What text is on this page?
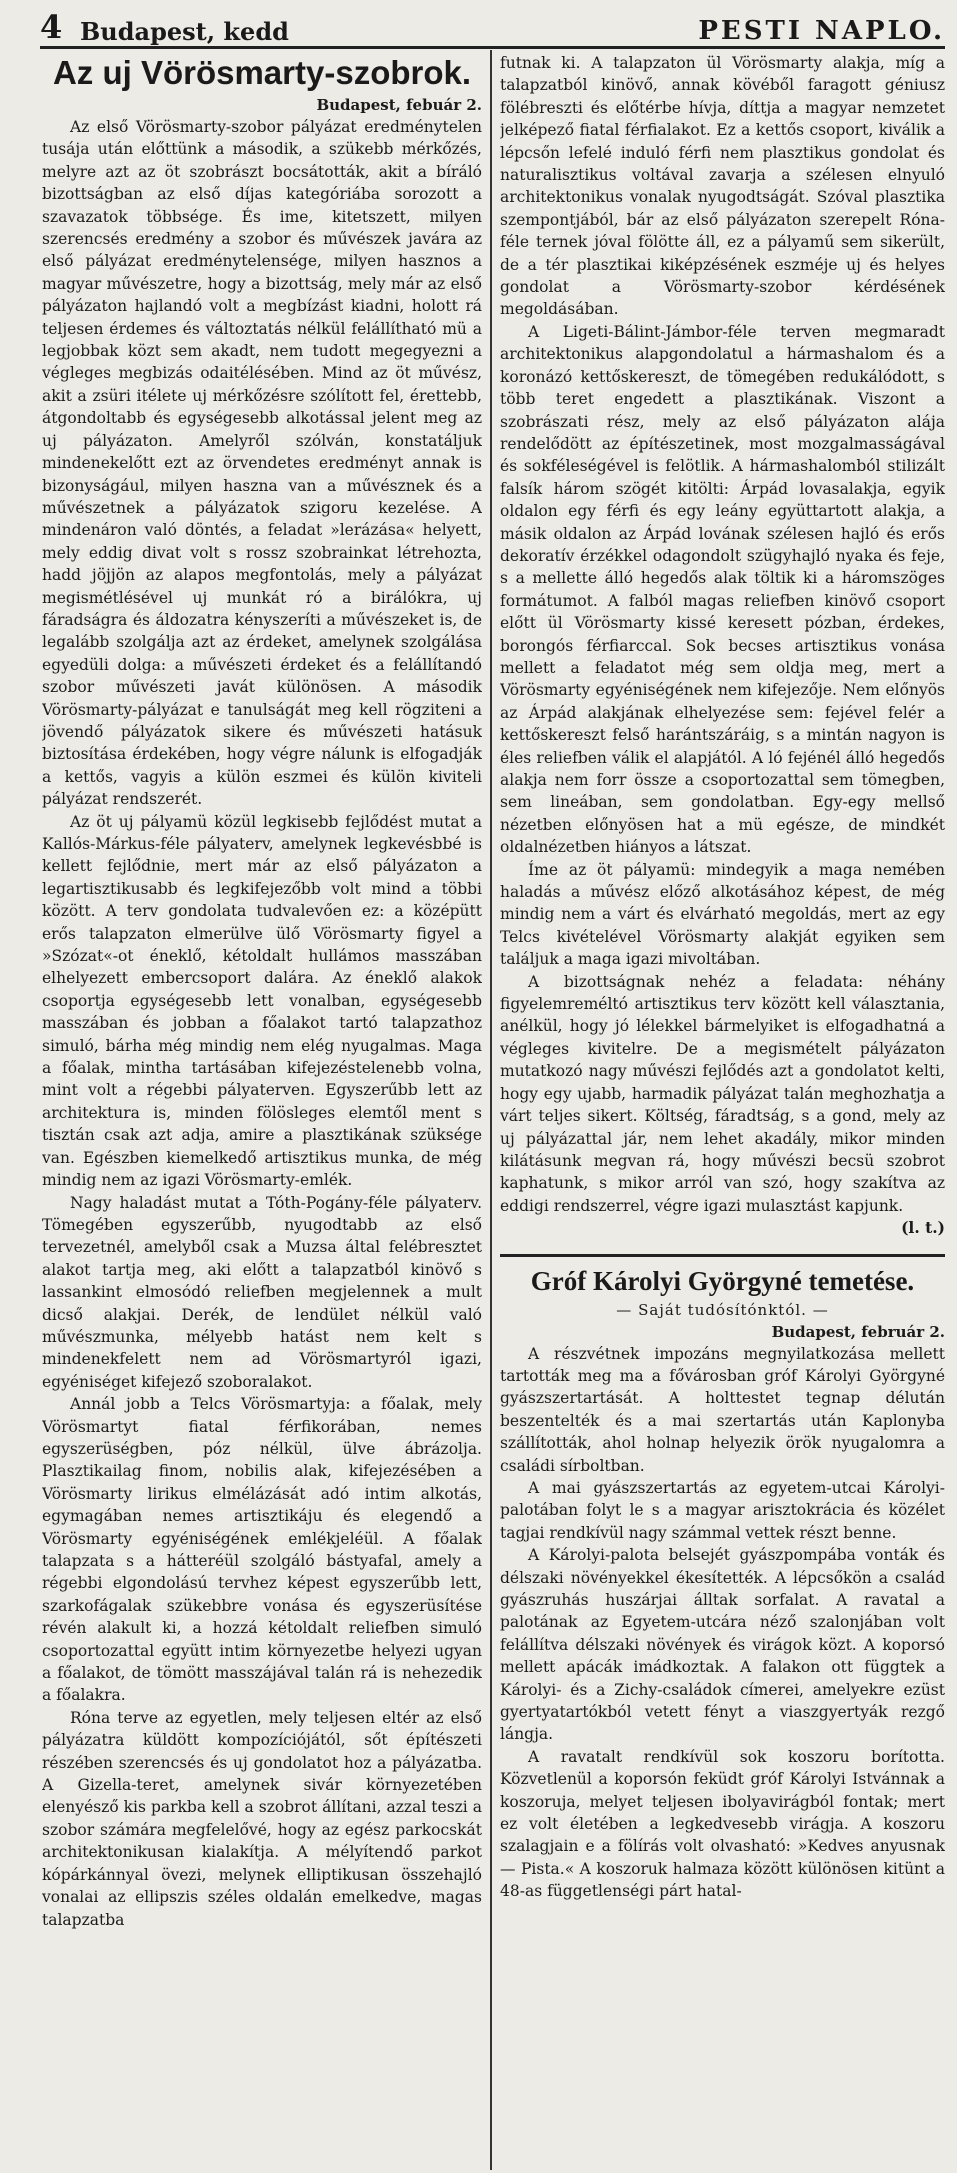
4 Budapest, kedd	PESTI NAPLO.
Az uj Vörösmarty-szobrok.
Budapest, febuár 2.

Az első Vörösmarty-szobor pályázat eredménytelen tusája után előttünk a második, a szükebb mérkőzés, melyre azt az öt szobrászt bocsátották, akit a bíráló bizottságban az első díjas kategóriába sorozott a szavazatok többsége. És ime, kitetszett, milyen szerencsés eredmény a szobor és művészek javára az első pályázat eredménytelensége, milyen hasznos a magyar művészetre, hogy a bizottság, mely már az első pályázaton hajlandó volt a megbízást kiadni, holott rá teljesen érdemes és változtatás nélkül felállítható mü a legjobbak közt sem akadt, nem tudott megegyezni a végleges megbizás odaitélésében. Mind az öt művész, akit a zsüri itélete uj mérkőzésre szólított fel, érettebb, átgondoltabb és egységesebb alkotással jelent meg az uj pályázaton. Amelyről szólván, konstatáljuk mindenekelőtt ezt az örvendetes eredményt annak is bizonyságául, milyen haszna van a művésznek és a művészetnek a pályázatok szigoru kezelése. A mindenáron való döntés, a feladat »lerázása« helyett, mely eddig divat volt s rossz szobrainkat létrehozta, hadd jöjjön az alapos megfontolás, mely a pályázat megismétlésével uj munkát ró a birálókra, uj fáradságra és áldozatra kényszeríti a művészeket is, de legalább szolgálja azt az érdeket, amelynek szolgálása egyedüli dolga: a művészeti érdeket és a felállítandó szobor művészeti javát különösen. A második Vörösmarty-pályázat e tanulságát meg kell rögziteni a jövendő pályázatok sikere és művészeti hatásuk biztosítása érdekében, hogy végre nálunk is elfogadják a kettős, vagyis a külön eszmei és külön kiviteli pályázat rendszerét.

Az öt uj pályamü közül legkisebb fejlődést mutat a Kallós-Márkus-féle pályaterv, amelynek legkevésbbé is kellett fejlődnie, mert már az első pályázaton a legartisztikusabb és legkifejezőbb volt mind a többi között. A terv gondolata tudvalevően ez: a középütt erős talapzaton elmerülve ülő Vörösmarty figyel a »Szózat«-ot éneklő, kétoldalt hullámos masszában elhelyezett embercsoport dalára. Az éneklő alakok csoportja egységesebb lett vonalban, egységesebb masszában és jobban a főalakot tartó talapzathoz simuló, bárha még mindig nem elég nyugalmas. Maga a főalak, mintha tartásában kifejezéstelenebb volna, mint volt a régebbi pályaterven. Egyszerűbb lett az architektura is, minden fölösleges elemtől ment s tisztán csak azt adja, amire a plasztikának szüksége van. Egészben kiemelkedő artisztikus munka, de még mindig nem az igazi Vörösmarty-emlék.

Nagy haladást mutat a Tóth-Pogány-féle pályaterv. Tömegében egyszerűbb, nyugodtabb az első tervezetnél, amelyből csak a Muzsa által felébresztet alakot tartja meg, aki előtt a talapzatból kinövő s lassankint elmosódó reliefben megjelennek a mult dicső alakjai. Derék, de lendület nélkül való művészmunka, mélyebb hatást nem kelt s mindenekfelett nem ad Vörösmartyról igazi, egyéniséget kifejező szoboralakot.

Annál jobb a Telcs Vörösmartyja: a főalak, mely Vörösmartyt fiatal férfikorában, nemes egyszerüségben, póz nélkül, ülve ábrázolja. Plasztikailag finom, nobilis alak, kifejezésében a Vörösmarty lirikus elmélázását adó intim alkotás, egymagában nemes artisztikáju és elegendő a Vörösmarty egyéniségének emlékjeléül. A főalak talapzata s a hátteréül szolgáló bástyafal, amely a régebbi elgondolású tervhez képest egyszerűbb lett, szarkofágalak szükebbre vonása és egyszerüsítése révén alakult ki, a hozzá kétoldalt reliefben simuló csoportozattal együtt intim környezetbe helyezi ugyan a főalakot, de tömött masszájával talán rá is nehezedik a főalakra.

Róna terve az egyetlen, mely teljesen eltér az első pályázatra küldött kompozíciójától, sőt építészeti részében szerencsés és uj gondolatot hoz a pályázatba. A Gizella-teret, amelynek sivár környezetében elenyésző kis parkba kell a szobrot állítani, azzal teszi a szobor számára megfelelővé, hogy az egész parkocskát architektonikusan kialakítja. A mélyítendő parkot kópárkánnyal övezi, melynek elliptikusan összehajló vonalai az ellipszis széles oldalán emelkedve, magas talapzatba

futnak ki. A talapzaton ül Vörösmarty alakja, míg a talapzatból kinövő, annak kövéből faragott géniusz fölébreszti és előtérbe hívja, díttja a magyar nemzetet jelképező fiatal férfialakot. Ez a kettős csoport, kiválik a lépcsőn lefelé induló férfi nem plasztikus gondolat és naturalisztikus voltával zavarja a szélesen elnyuló architektonikus vonalak nyugodtságát. Szóval plasztika szempontjából, bár az első pályázaton szerepelt Róna-féle ternek jóval fölötte áll, ez a pályamű sem sikerült, de a tér plasztikai kiképzésének eszméje uj és helyes gondolat a Vörösmarty-szobor kérdésének megoldásában.

A Ligeti-Bálint-Jámbor-féle terven megmaradt architektonikus alapgondolatul a hármashalom és a koronázó kettőskereszt, de tömegében redukálódott, s több teret engedett a plasztikának. Viszont a szobrászati rész, mely az első pályázaton alája rendelődött az építészetinek, most mozgalmasságával és sokféleségével is felötlik. A hármashalomból stilizált falsík három szögét kitölti: Árpád lovasalakja, egyik oldalon egy férfi és egy leány együttartott alakja, a másik oldalon az Árpád lovának szélesen hajló és erős dekoratív érzékkel odagondolt szügyhajló nyaka és feje, s a mellette álló hegedős alak töltik ki a háromszöges formátumot. A falból magas reliefben kinövő csoport előtt ül Vörösmarty kissé keresett pózban, érdekes, borongós férfiarccal. Sok becses artisztikus vonása mellett a feladatot még sem oldja meg, mert a Vörösmarty egyéniségének nem kifejezője. Nem előnyös az Árpád alakjának elhelyezése sem: fejével felér a kettőskereszt felső harántszáráig, s a mintán nagyon is éles reliefben válik el alapjától. A ló fejénél álló hegedős alakja nem forr össze a csoportozattal sem tömegben, sem lineában, sem gondolatban. Egy-egy mellső nézetben előnyösen hat a mü egésze, de mindkét oldalnézetben hiányos a látszat.

Íme az öt pályamü: mindegyik a maga nemében haladás a művész előző alkotásához képest, de még mindig nem a várt és elvárható megoldás, mert az egy Telcs kivételével Vörösmarty alakját egyiken sem találjuk a maga igazi mivoltában.

A bizottságnak nehéz a feladata: néhány figyelemreméltó artisztikus terv között kell választania, anélkül, hogy jó lélekkel bármelyiket is elfogadhatná a végleges kivitelre. De a megismételt pályázaton mutatkozó nagy művészi fejlődés azt a gondolatot kelti, hogy egy ujabb, harmadik pályázat talán meghozhatja a várt teljes sikert. Költség, fáradtság, s a gond, mely az uj pályázattal jár, nem lehet akadály, mikor minden kilátásunk megvan rá, hogy művészi becsü szobrot kaphatunk, s mikor arról van szó, hogy szakítva az eddigi rendszerrel, végre igazi mulasztást kapjunk.

(l. t.)
Gróf Károlyi Györgyné temetése.
— Saját tudósítónktól. —
Budapest, február 2.

A részvétnek impozáns megnyilatkozása mellett tartották meg ma a fővárosban gróf Károlyi Györgyné gyászszertartását. A holttestet tegnap délután beszentelték és a mai szertartás után Kaplonyba szállították, ahol holnap helyezik örök nyugalomra a családi sírboltban.

A mai gyászszertartás az egyetem-utcai Károlyi-palotában folyt le s a magyar arisztokrácia és közélet tagjai rendkívül nagy számmal vettek részt benne.

A Károlyi-palota belsejét gyászpompába vonták és délszaki növényekkel ékesítették. A lépcsőkön a család gyászruhás huszárjai álltak sorfalat. A ravatal a palotának az Egyetem-utcára néző szalonjában volt felállítva délszaki növények és virágok közt. A koporsó mellett apácák imádkoztak. A falakon ott függtek a Károlyi- és a Zichy-családok címerei, amelyekre ezüst gyertyatartókból vetett fényt a viaszgyertyák rezgő lángja.

A ravatalt rendkívül sok koszoru borította. Közvetlenül a koporsón feküdt gróf Károlyi Istvánnak a koszoruja, melyet teljesen ibolyavirágból fontak; mert ez volt életében a legkedvesebb virágja. A koszoru szalagjain e a fölírás volt olvasható: »Kedves anyusnak — Pista.« A koszoruk halmaza között különösen kitünt a 48-as függetlenségi párt hatal-
